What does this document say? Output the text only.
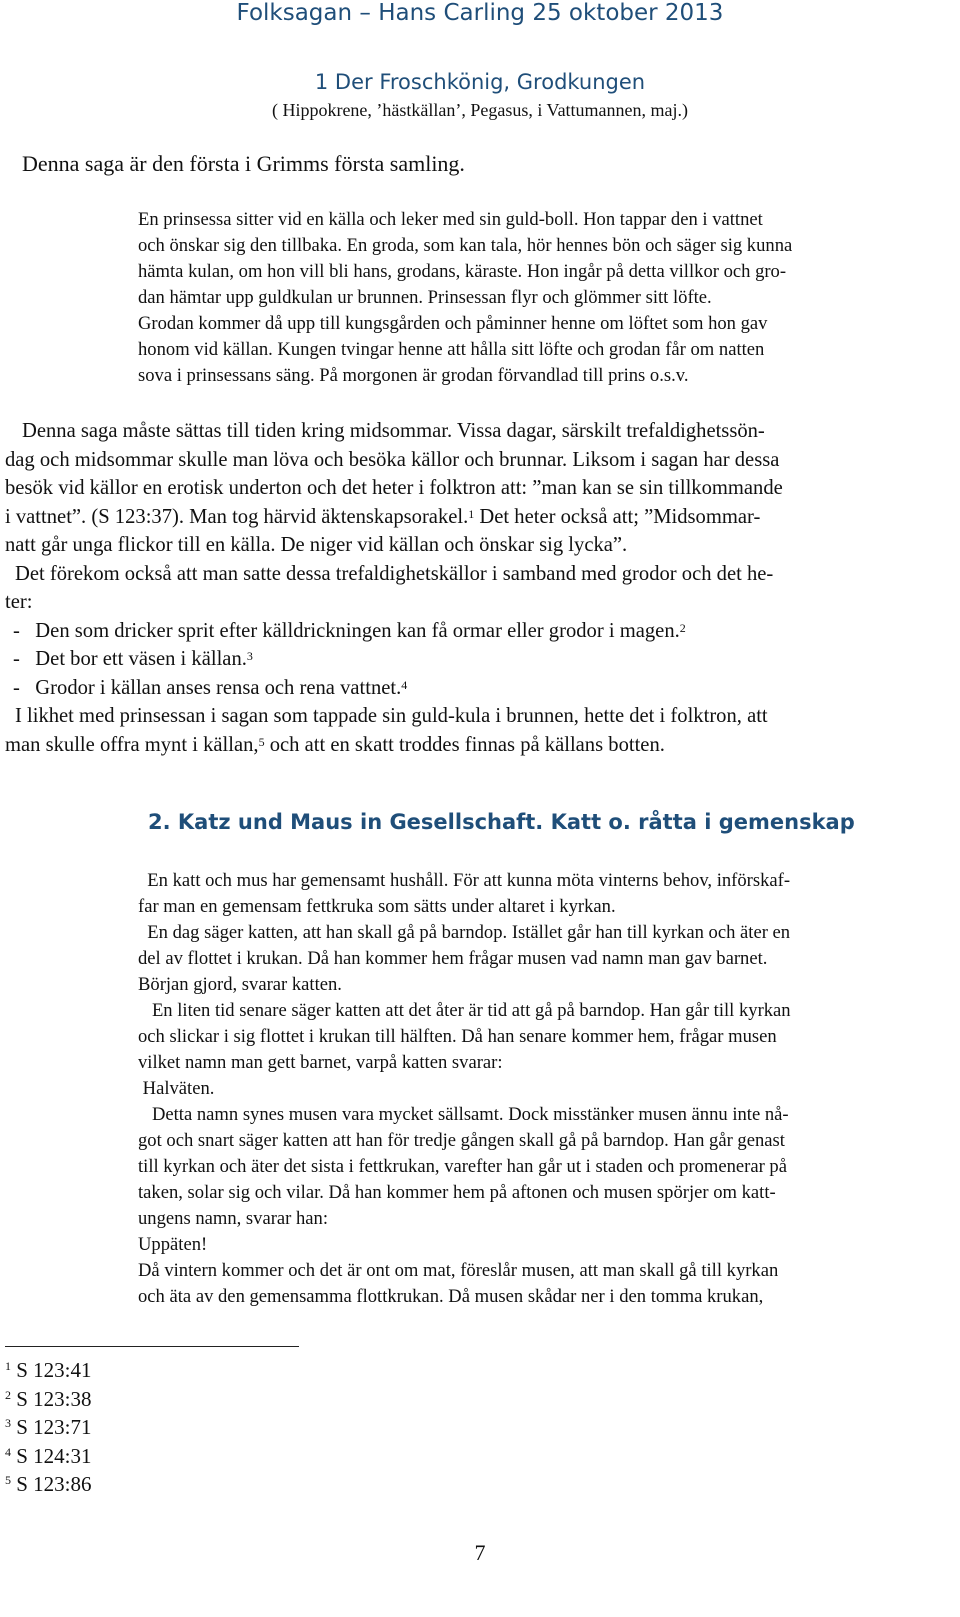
Folksagan – Hans Carling 25 oktober 2013
1 Der Froschkönig, Grodkungen
( Hippokrene, ’hästkällan’, Pegasus, i Vattumannen, maj.)
Denna saga är den första i Grimms första samling.
En prinsessa sitter vid en källa och leker med sin guld-boll. Hon tappar den i vattnet
och önskar sig den tillbaka. En groda, som kan tala, hör hennes bön och säger sig kunna
hämta kulan, om hon vill bli hans, grodans, käraste. Hon ingår på detta villkor och gro-
dan hämtar upp guldkulan ur brunnen. Prinsessan flyr och glömmer sitt löfte.
Grodan kommer då upp till kungsgården och påminner henne om löftet som hon gav
honom vid källan. Kungen tvingar henne att hålla sitt löfte och grodan får om natten
sova i prinsessans säng. På morgonen är grodan förvandlad till prins o.s.v.
Denna saga måste sättas till tiden kring midsommar. Vissa dagar, särskilt trefaldighetssön-
dag och midsommar skulle man löva och besöka källor och brunnar. Liksom i sagan har dessa
besök vid källor en erotisk underton och det heter i folktron att: ”man kan se sin tillkommande
i vattnet”. (S 123:37). Man tog härvid äktenskapsorakel.$^1$ Det heter också att; ”Midsommar-
natt går unga flickor till en källa. De niger vid källan och önskar sig lycka”.
Det förekom också att man satte dessa trefaldighetskällor i samband med grodor och det he-
ter:
-   Den som dricker sprit efter källdrickningen kan få ormar eller grodor i magen.$^2$
-   Det bor ett väsen i källan.$^3$
-   Grodor i källan anses rensa och rena vattnet.$^4$
I likhet med prinsessan i sagan som tappade sin guld-kula i brunnen, hette det i folktron, att
man skulle offra mynt i källan,$^5$ och att en skatt troddes finnas på källans botten.
2. Katz und Maus in Gesellschaft. Katt o. råtta i gemenskap
En katt och mus har gemensamt hushåll. För att kunna möta vinterns behov, införskaf-
far man en gemensam fettkruka som sätts under altaret i kyrkan.
En dag säger katten, att han skall gå på barndop. Istället går han till kyrkan och äter en
del av flottet i krukan. Då han kommer hem frågar musen vad namn man gav barnet.
Början gjord, svarar katten.
En liten tid senare säger katten att det åter är tid att gå på barndop. Han går till kyrkan
och slickar i sig flottet i krukan till hälften. Då han senare kommer hem, frågar musen
vilket namn man gett barnet, varpå katten svarar:
Halväten.
Detta namn synes musen vara mycket sällsamt. Dock misstänker musen ännu inte nå-
got och snart säger katten att han för tredje gången skall gå på barndop. Han går genast
till kyrkan och äter det sista i fettkrukan, varefter han går ut i staden och promenerar på
taken, solar sig och vilar. Då han kommer hem på aftonen och musen spörjer om katt-
ungens namn, svarar han:
Uppäten!
Då vintern kommer och det är ont om mat, föreslår musen, att man skall gå till kyrkan
och äta av den gemensamma flottkrukan. Då musen skådar ner i den tomma krukan,
$^1$ S 123:41
$^2$ S 123:38
$^3$ S 123:71
$^4$ S 124:31
$^5$ S 123:86
7
